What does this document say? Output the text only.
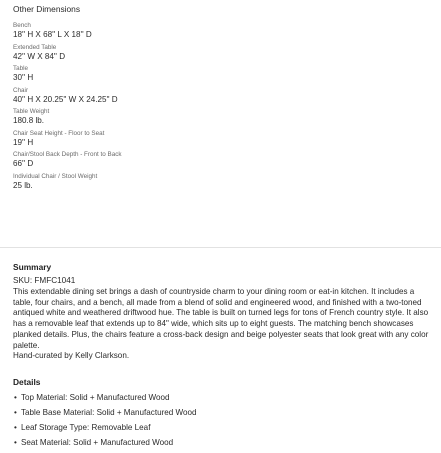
Other Dimensions
Bench
18'' H X 68'' L X 18'' D
Extended Table
42'' W X 84'' D
Table
30'' H
Chair
40'' H X 20.25'' W X 24.25'' D
Table Weight
180.8 lb.
Chair Seat Height - Floor to Seat
19'' H
Chair/Stool Back Depth - Front to Back
66'' D
Individual Chair / Stool Weight
25 lb.
Summary
SKU: FMFC1041

This extendable dining set brings a dash of countryside charm to your dining room or eat-in kitchen. It includes a table, four chairs, and a bench, all made from a blend of solid and engineered wood, and finished with a two-toned antiqued white and weathered driftwood hue. The table is built on turned legs for tons of French country style. It also has a removable leaf that extends up to 84" wide, which sits up to eight guests. The matching bench showcases planked details. Plus, the chairs feature a cross-back design and beige polyester seats that look great with any color palette.

Hand-curated by Kelly Clarkson.

Details
• Top Material: Solid + Manufactured Wood
• Table Base Material: Solid + Manufactured Wood
• Leaf Storage Type: Removable Leaf
• Seat Material: Solid + Manufactured Wood
